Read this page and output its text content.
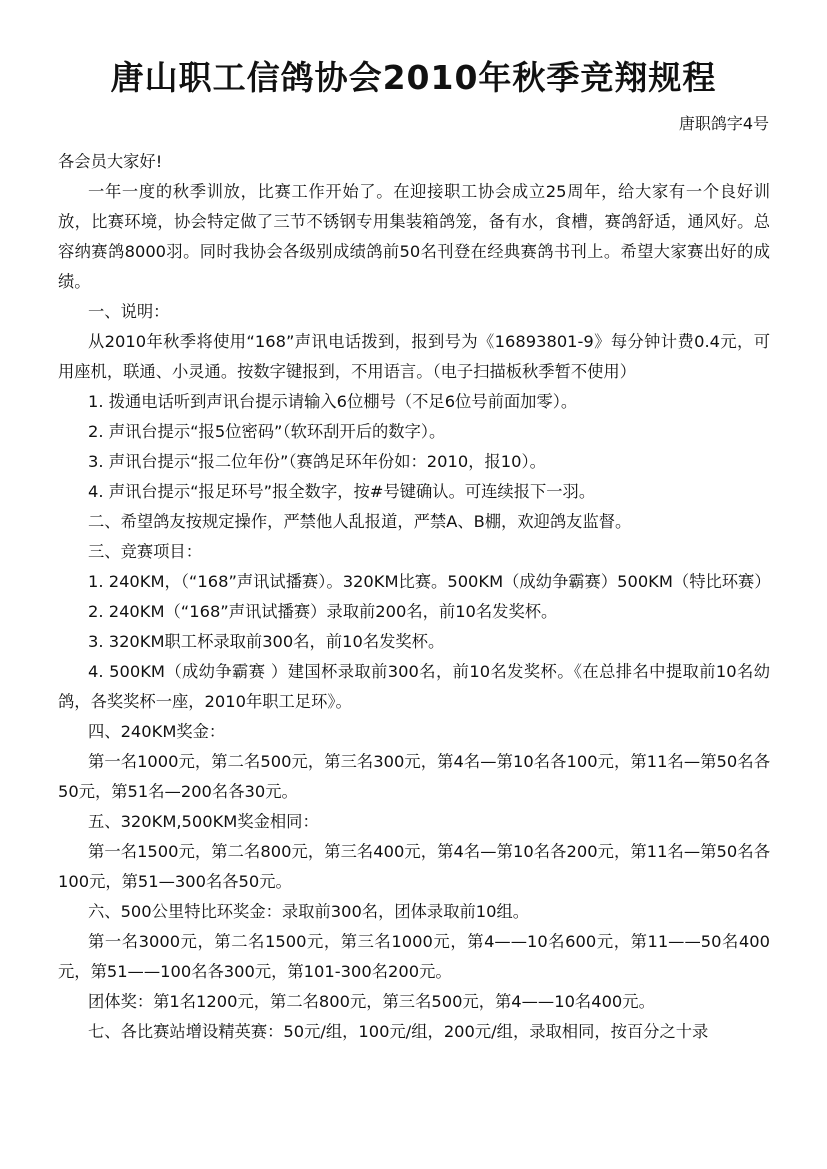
唐山职工信鸽协会2010年秋季竞翔规程
唐职鸽字4号

各会员大家好!

一年一度的秋季训放，比赛工作开始了。在迎接职工协会成立25周年，给大家有一个良好训放，比赛环境，协会特定做了三节不锈钢专用集装箱鸽笼，备有水，食槽，赛鸽舒适，通风好。总容纳赛鸽8000羽。同时我协会各级别成绩鸽前50名刊登在经典赛鸽书刊上。希望大家赛出好的成绩。

一、说明：

从2010年秋季将使用“168”声讯电话拨到，报到号为《16893801-9》每分钟计费0.4元，可用座机，联通、小灵通。按数字键报到，不用语言。（电子扫描板秋季暂不使用）

1. 拨通电话听到声讯台提示请输入6位棚号（不足6位号前面加零）。

2. 声讯台提示“报5位密码”（软环刮开后的数字）。

3. 声讯台提示“报二位年份”（赛鸽足环年份如：2010，报10）。

4. 声讯台提示“报足环号”报全数字，按#号键确认。可连续报下一羽。

二、希望鸽友按规定操作，严禁他人乱报道，严禁A、B棚，欢迎鸽友监督。

三、竞赛项目：

1. 240KM，（“168”声讯试播赛）。320KM比赛。500KM（成幼争霸赛）500KM（特比环赛）

2. 240KM（“168”声讯试播赛）录取前200名，前10名发奖杯。

3. 320KM职工杯录取前300名，前10名发奖杯。

4. 500KM（成幼争霸赛 ）建国杯录取前300名，前10名发奖杯。《在总排名中提取前10名幼鸽，各奖奖杯一座，2010年职工足环》。

四、240KM奖金：

第一名1000元，第二名500元，第三名300元，第4名—第10名各100元，第11名—第50名各50元，第51名—200名各30元。

五、320KM,500KM奖金相同：

第一名1500元，第二名800元，第三名400元，第4名—第10名各200元，第11名—第50名各100元，第51—300名各50元。

六、500公里特比环奖金：录取前300名，团体录取前10组。

第一名3000元，第二名1500元，第三名1000元，第4——10名600元，第11——50名400元，第51——100名各300元，第101-300名200元。

团体奖：第1名1200元，第二名800元，第三名500元，第4——10名400元。

七、各比赛站增设精英赛：50元/组，100元/组，200元/组，录取相同，按百分之十录
